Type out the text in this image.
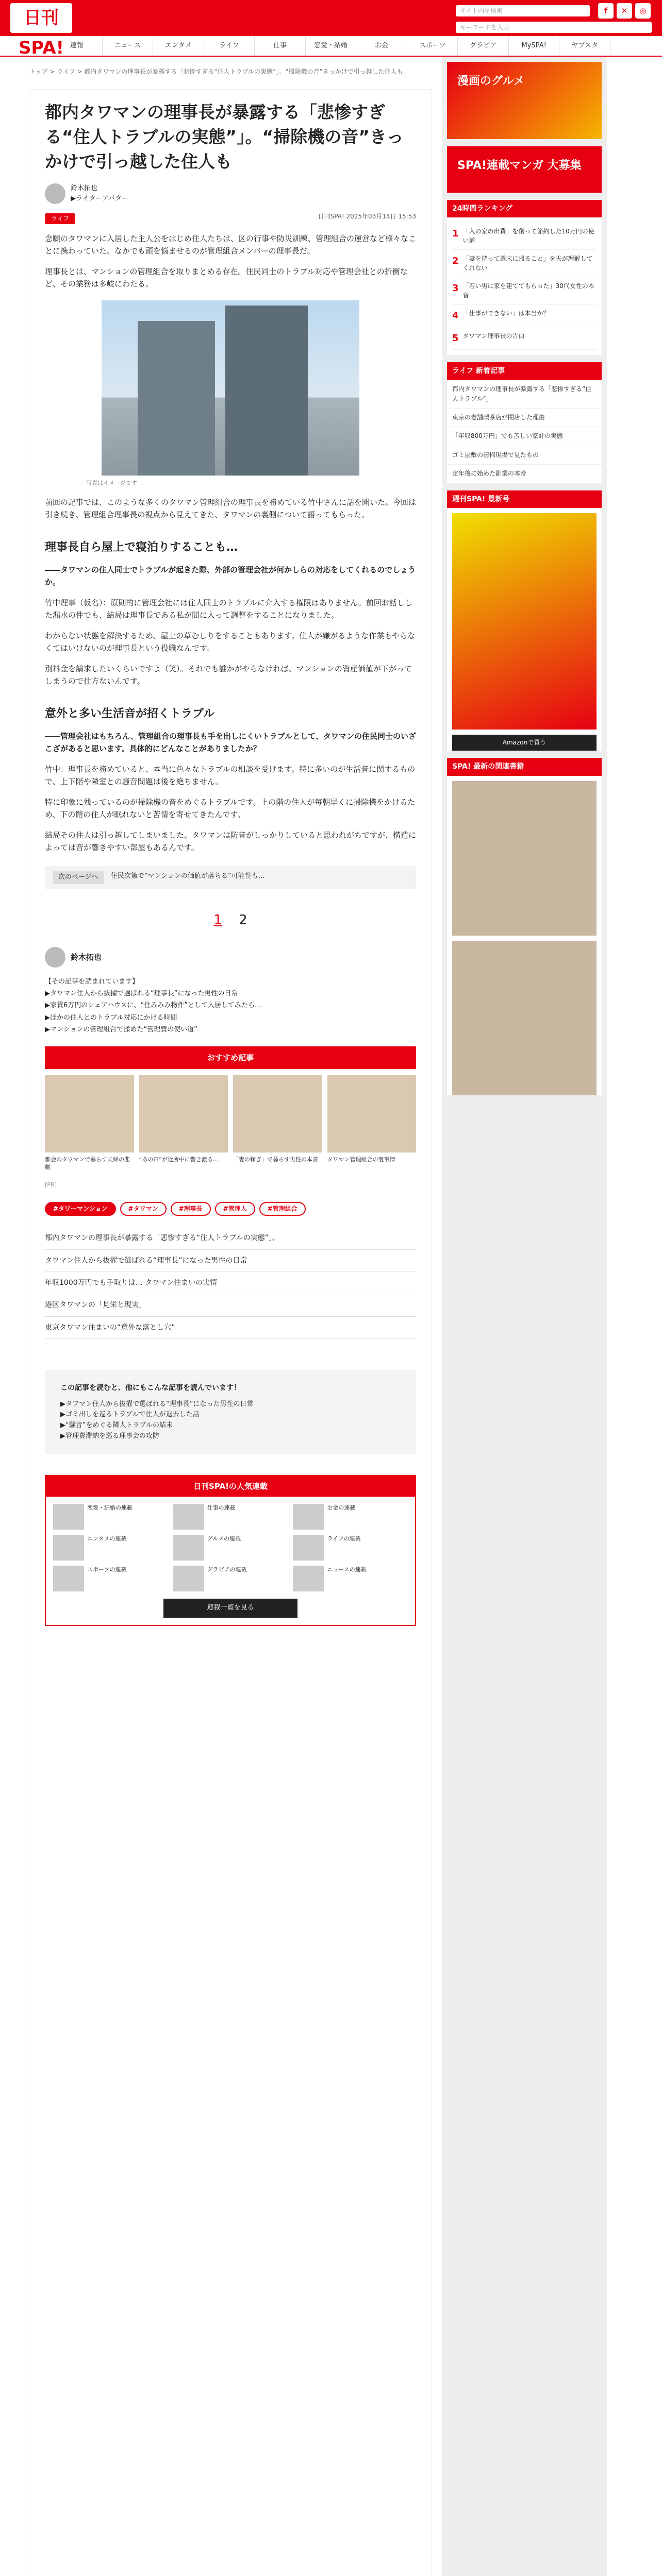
日刊SPA!
サイト内を検索	f	✕	◎
キーワードを入力
速報	ニュース	エンタメ	ライフ	仕事	恋愛・結婚	お金	スポーツ	グラビア	MySPA!	ヤブスタ
トップ > ライフ > 都内タワマンの理事長が暴露する「悲惨すぎる“住人トラブルの実態”」。“掃除機の音”きっかけで引っ越した住人も
都内タワマンの理事長が暴露する「悲惨すぎる“住人トラブルの実態”」。“掃除機の音”きっかけで引っ越した住人も
鈴木拓也
▶ライターアバター
ライフ	日刊SPA! 2025年03月14日 15:53

念願のタワマンに入居した主人公をはじめ住人たちは、区の行事や防災訓練、管理組合の運営など様々なことに携わっていた。なかでも頭を悩ませるのが管理組合メンバーの理事長だ。

理事長とは、マンションの管理組合を取りまとめる存在。住民同士のトラブル対応や管理会社との折衝など、その業務は多岐にわたる。

写真はイメージです

前回の記事では、このような多くのタワマン管理組合の理事長を務めている竹中さんに話を聞いた。今回は引き続き、管理組合理事長の視点から見えてきた、タワマンの裏側について語ってもらった。

理事長自ら屋上で寝泊りすることも…
――タワマンの住人同士でトラブルが起きた際、外部の管理会社が何かしらの対応をしてくれるのでしょうか。

竹中理事（仮名）：原則的に管理会社には住人同士のトラブルに介入する権限はありません。前回お話しした漏水の件でも、結局は理事長である私が間に入って調整をすることになりました。

わからない状態を解決するため、屋上の草むしりをすることもあります。住人が嫌がるような作業もやらなくてはいけないのが理事長という役職なんです。

別料金を請求したいくらいですよ（笑）。それでも誰かがやらなければ、マンションの資産価値が下がってしまうので仕方ないんです。

意外と多い生活音が招くトラブル
――管理会社はもちろん、管理組合の理事長も手を出しにくいトラブルとして、タワマンの住民同士のいざこざがあると思います。具体的にどんなことがありましたか？

竹中：理事長を務めていると、本当に色々なトラブルの相談を受けます。特に多いのが生活音に関するもので、上下階や隣室との騒音問題は後を絶ちません。

特に印象に残っているのが掃除機の音をめぐるトラブルです。上の階の住人が毎朝早くに掃除機をかけるため、下の階の住人が眠れないと苦情を寄せてきたんです。

結局その住人は引っ越してしまいました。タワマンは防音がしっかりしていると思われがちですが、構造によっては音が響きやすい部屋もあるんです。

次のページへ	住民次第で“マンションの価値が落ちる”可能性も…
1 2
鈴木拓也
【その記事を読まれています】
▶タワマン住人から抜擢で選ばれる“理事長”になった男性の日常
▶家賃6万円のシェアハウスに、“住みみみ物件”として入居してみたら…
▶ほかの住人とのトラブル対応にかける時間
▶マンションの管理組合で揉めた“管理費の使い道”
おすすめ記事
都会のタワマンで暮らす夫婦の悲劇
“あの声”が近所中に響き渡る…	「妻の稼ぎ」で暮らす男性の本音	タワマン管理組合の裏事情
[PR]
#タワーマンション	#タワマン	#理事長	#管理人	#管理組合
都内タワマンの理事長が暴露する「悲惨すぎる“住人トラブルの実態”」。
タワマン住人から抜擢で選ばれる“理事長”になった男性の日常
年収1000万円でも手取りは… タワマン住まいの実情
港区タワマンの「見栄と現実」
東京タワマン住まいの“意外な落とし穴”
この記事を読むと、他にもこんな記事を読んでいます！
▶タワマン住人から抜擢で選ばれる“理事長”になった男性の日常
▶ゴミ出しを巡るトラブルで住人が退去した話
▶“騒音”をめぐる隣人トラブルの結末
▶管理費滞納を巡る理事会の攻防
日刊SPA!の人気連載
恋愛・結婚の連載	仕事の連載	お金の連載
エンタメの連載	グルメの連載	ライフの連載
スポーツの連載	グラビアの連載	ニュースの連載
連載一覧を見る
漫画のグルメ
SPA!連載マンガ 大募集
24時間ランキング
1 「入の家の出費」を削って節約した10万円の使い道
2 「妻を持って週末に帰ること」を夫が理解してくれない
3 「若い男に家を建ててもらった」30代女性の本音
4 「仕事ができない」は本当か？
5 タワマン理事長の告白
ライフ 新着記事
都内タワマンの理事長が暴露する「悲惨すぎる“住人トラブル”」
東京の老舗喫茶店が閉店した理由
「年収800万円」でも苦しい家計の実態
ゴミ屋敷の清掃現場で見たもの
定年後に始めた副業の本音
週刊SPA! 最新号
Amazonで買う
SPA! 最新の関連書籍
